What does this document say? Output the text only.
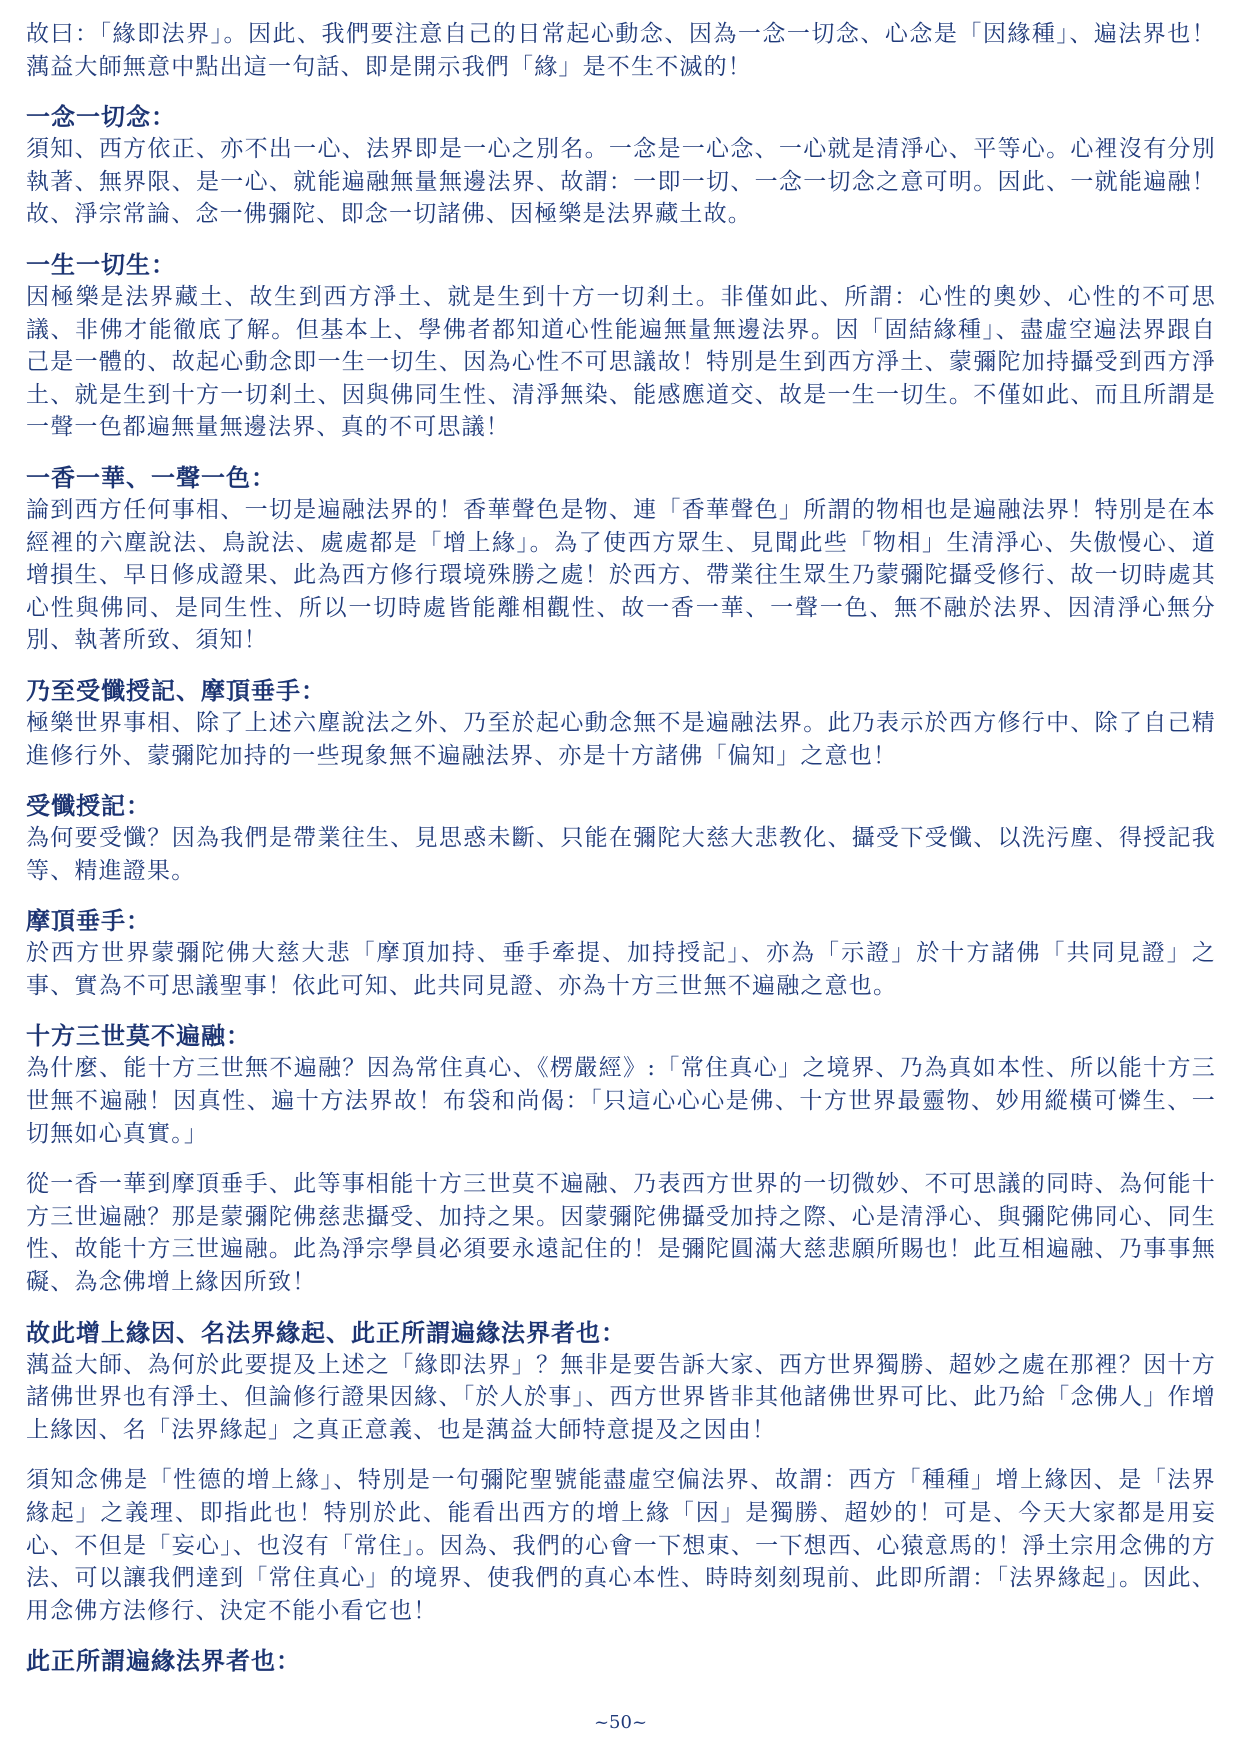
故曰：「緣即法界」。因此、我們要注意自己的日常起心動念、因為一念一切念、心念是「因緣種」、遍法界也！蕅益大師無意中點出這一句話、即是開示我們「緣」是不生不滅的！

一念一切念：

須知、西方依正、亦不出一心、法界即是一心之別名。一念是一心念、一心就是清淨心、平等心。心裡沒有分別執著、無界限、是一心、就能遍融無量無邊法界、故謂：一即一切、一念一切念之意可明。因此、一就能遍融！故、淨宗常論、念一佛彌陀、即念一切諸佛、因極樂是法界藏土故。

一生一切生：

因極樂是法界藏土、故生到西方淨土、就是生到十方一切剎土。非僅如此、所謂：心性的奧妙、心性的不可思議、非佛才能徹底了解。但基本上、學佛者都知道心性能遍無量無邊法界。因「固結緣種」、盡虛空遍法界跟自己是一體的、故起心動念即一生一切生、因為心性不可思議故！特別是生到西方淨土、蒙彌陀加持攝受到西方淨土、就是生到十方一切剎土、因與佛同生性、清淨無染、能感應道交、故是一生一切生。不僅如此、而且所謂是一聲一色都遍無量無邊法界、真的不可思議！

一香一華、一聲一色：

論到西方任何事相、一切是遍融法界的！香華聲色是物、連「香華聲色」所謂的物相也是遍融法界！特別是在本經裡的六塵說法、鳥說法、處處都是「增上緣」。為了使西方眾生、見聞此些「物相」生清淨心、失傲慢心、道增損生、早日修成證果、此為西方修行環境殊勝之處！於西方、帶業往生眾生乃蒙彌陀攝受修行、故一切時處其心性與佛同、是同生性、所以一切時處皆能離相觀性、故一香一華、一聲一色、無不融於法界、因清淨心無分別、執著所致、須知！

乃至受懺授記、摩頂垂手：

極樂世界事相、除了上述六塵說法之外、乃至於起心動念無不是遍融法界。此乃表示於西方修行中、除了自己精進修行外、蒙彌陀加持的一些現象無不遍融法界、亦是十方諸佛「偏知」之意也！

受懺授記：

為何要受懺？因為我們是帶業往生、見思惑未斷、只能在彌陀大慈大悲教化、攝受下受懺、以洗污塵、得授記我等、精進證果。

摩頂垂手：

於西方世界蒙彌陀佛大慈大悲「摩頂加持、垂手牽提、加持授記」、亦為「示證」於十方諸佛「共同見證」之事、實為不可思議聖事！依此可知、此共同見證、亦為十方三世無不遍融之意也。

十方三世莫不遍融：

為什麼、能十方三世無不遍融？因為常住真心、《楞嚴經》:「常住真心」之境界、乃為真如本性、所以能十方三世無不遍融！因真性、遍十方法界故！布袋和尚偈：「只這心心心是佛、十方世界最靈物、妙用縱橫可憐生、一切無如心真實。」

從一香一華到摩頂垂手、此等事相能十方三世莫不遍融、乃表西方世界的一切微妙、不可思議的同時、為何能十方三世遍融？那是蒙彌陀佛慈悲攝受、加持之果。因蒙彌陀佛攝受加持之際、心是清淨心、與彌陀佛同心、同生性、故能十方三世遍融。此為淨宗學員必須要永遠記住的！是彌陀圓滿大慈悲願所賜也！此互相遍融、乃事事無礙、為念佛增上緣因所致！

故此增上緣因、名法界緣起、此正所謂遍緣法界者也：

蕅益大師、為何於此要提及上述之「緣即法界」？無非是要告訴大家、西方世界獨勝、超妙之處在那裡？因十方諸佛世界也有淨土、但論修行證果因緣、「於人於事」、西方世界皆非其他諸佛世界可比、此乃給「念佛人」作增上緣因、名「法界緣起」之真正意義、也是蕅益大師特意提及之因由！

須知念佛是「性德的增上緣」、特別是一句彌陀聖號能盡虛空偏法界、故謂：西方「種種」增上緣因、是「法界緣起」之義理、即指此也！特別於此、能看出西方的增上緣「因」是獨勝、超妙的！可是、今天大家都是用妄心、不但是「妄心」、也沒有「常住」。因為、我們的心會一下想東、一下想西、心猿意馬的！淨土宗用念佛的方法、可以讓我們達到「常住真心」的境界、使我們的真心本性、時時刻刻現前、此即所謂：「法界緣起」。因此、用念佛方法修行、決定不能小看它也！

此正所謂遍緣法界者也：
~50~
